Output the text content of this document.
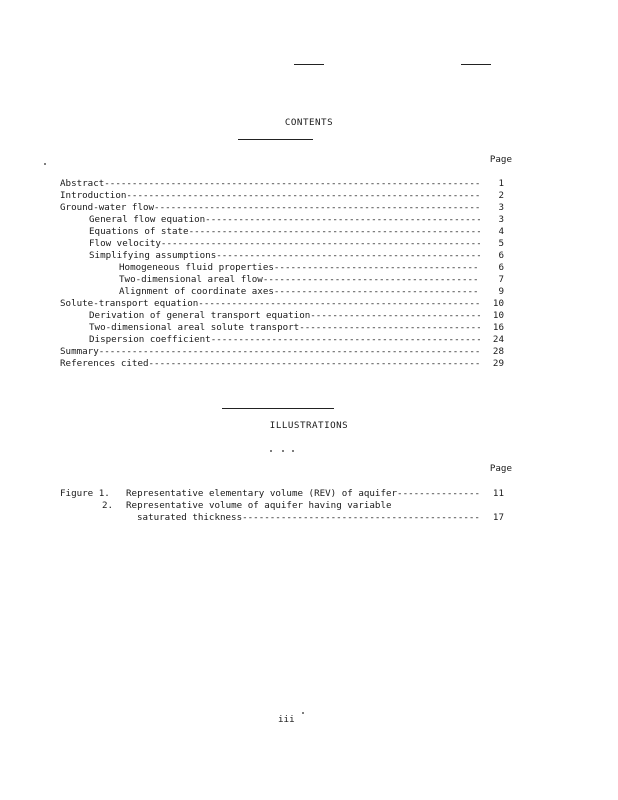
CONTENTS
Page
Abstract -----	1
Introduction -----	2
Ground-water flow -----	3
General flow equation -----	3
Equations of state -----	4
Flow velocity -----	5
Simplifying assumptions -----	6
Homogeneous fluid properties -----	6
Two-dimensional areal flow -----	7
Alignment of coordinate axes -----	9
Solute-transport equation -----	10
Derivation of general transport equation -----	10
Two-dimensional areal solute transport -----	16
Dispersion coefficient -----	24
Summary -----	28
References cited -----	29
ILLUSTRATIONS
Page
Figure 1. Representative elementary volume (REV) of aquifer -----	11
2. Representative volume of aquifer having variable
saturated thickness -----	17
iii
